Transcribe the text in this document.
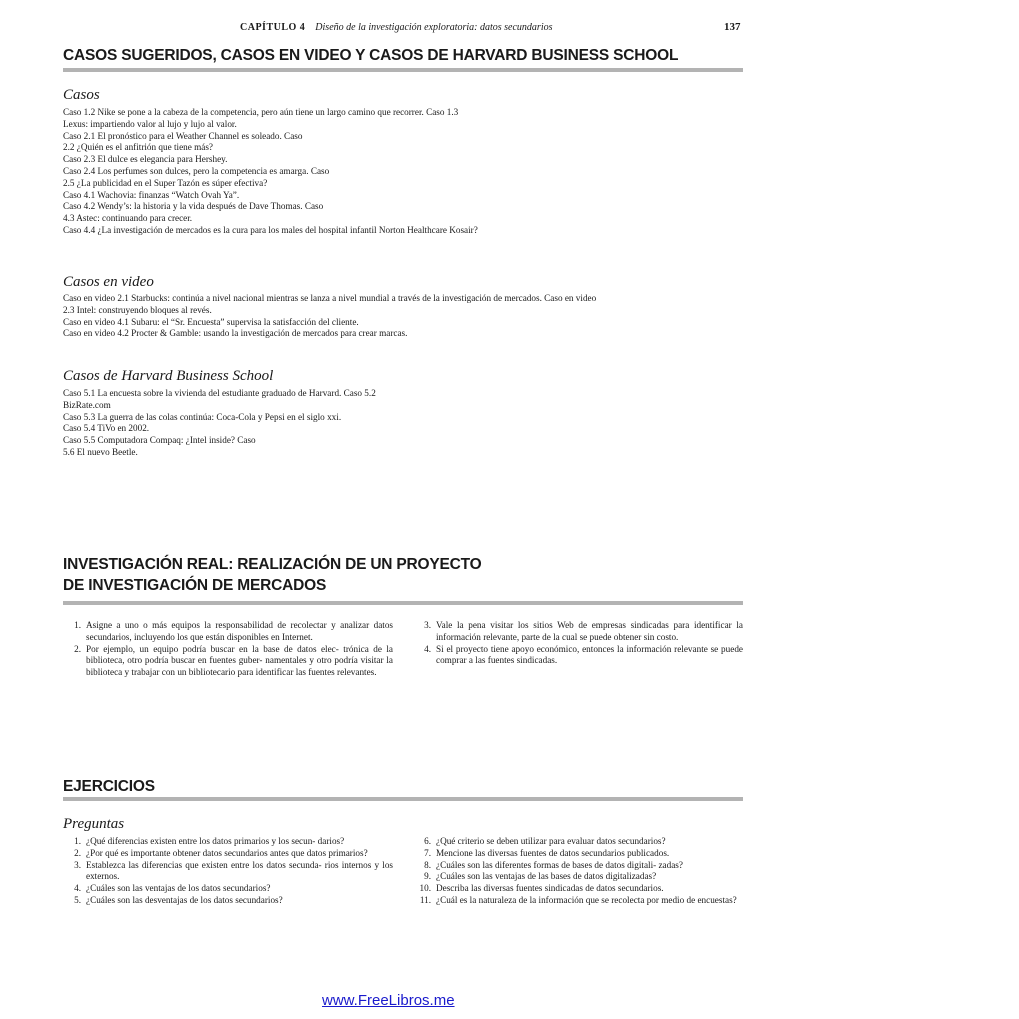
CAPÍTULO 4 Diseño de la investigación exploratoria: datos secundarios	137
CASOS SUGERIDOS, CASOS EN VIDEO Y CASOS DE HARVARD BUSINESS SCHOOL
Casos
Caso 1.2 Nike se pone a la cabeza de la competencia, pero aún tiene un largo camino que recorrer. Caso 1.3
Lexus: impartiendo valor al lujo y lujo al valor.
Caso 2.1 El pronóstico para el Weather Channel es soleado. Caso
2.2 ¿Quién es el anfitrión que tiene más?
Caso 2.3 El dulce es elegancia para Hershey.
Caso 2.4 Los perfumes son dulces, pero la competencia es amarga. Caso
2.5 ¿La publicidad en el Super Tazón es súper efectiva?
Caso 4.1 Wachovia: finanzas “Watch Ovah Ya”.
Caso 4.2 Wendy’s: la historia y la vida después de Dave Thomas. Caso
4.3 Astec: continuando para crecer.
Caso 4.4 ¿La investigación de mercados es la cura para los males del hospital infantil Norton Healthcare Kosair?
Casos en video
Caso en video 2.1 Starbucks: continúa a nivel nacional mientras se lanza a nivel mundial a través de la investigación de mercados. Caso en video
2.3 Intel: construyendo bloques al revés.
Caso en video 4.1 Subaru: el “Sr. Encuesta” supervisa la satisfacción del cliente.
Caso en video 4.2 Procter & Gamble: usando la investigación de mercados para crear marcas.
Casos de Harvard Business School
Caso 5.1 La encuesta sobre la vivienda del estudiante graduado de Harvard. Caso 5.2
BizRate.com
Caso 5.3 La guerra de las colas continúa: Coca-Cola y Pepsi en el siglo xxi.
Caso 5.4 TiVo en 2002.
Caso 5.5 Computadora Compaq: ¿Intel inside? Caso
5.6 El nuevo Beetle.
INVESTIGACIÓN REAL: REALIZACIÓN DE UN PROYECTO
DE INVESTIGACIÓN DE MERCADOS
1. Asigne a uno o más equipos la responsabilidad de recolectar y analizar datos secundarios, incluyendo los que están disponibles en Internet.
2. Por ejemplo, un equipo podría buscar en la base de datos elec- trónica de la biblioteca, otro podría buscar en fuentes guber- namentales y otro podría visitar la biblioteca y trabajar con un bibliotecario para identificar las fuentes relevantes.
3. Vale la pena visitar los sitios Web de empresas sindicadas para identificar la información relevante, parte de la cual se puede obtener sin costo.
4. Si el proyecto tiene apoyo económico, entonces la información relevante se puede comprar a las fuentes sindicadas.
EJERCICIOS
Preguntas
1. ¿Qué diferencias existen entre los datos primarios y los secun- darios?
2. ¿Por qué es importante obtener datos secundarios antes que datos primarios?
3. Establezca las diferencias que existen entre los datos secunda- rios internos y los externos.
4. ¿Cuáles son las ventajas de los datos secundarios?
5. ¿Cuáles son las desventajas de los datos secundarios?
6. ¿Qué criterio se deben utilizar para evaluar datos secundarios?
7. Mencione las diversas fuentes de datos secundarios publicados.
8. ¿Cuáles son las diferentes formas de bases de datos digitali- zadas?
9. ¿Cuáles son las ventajas de las bases de datos digitalizadas?
10. Describa las diversas fuentes sindicadas de datos secundarios.
11. ¿Cuál es la naturaleza de la información que se recolecta por medio de encuestas?
www.FreeLibros.me
